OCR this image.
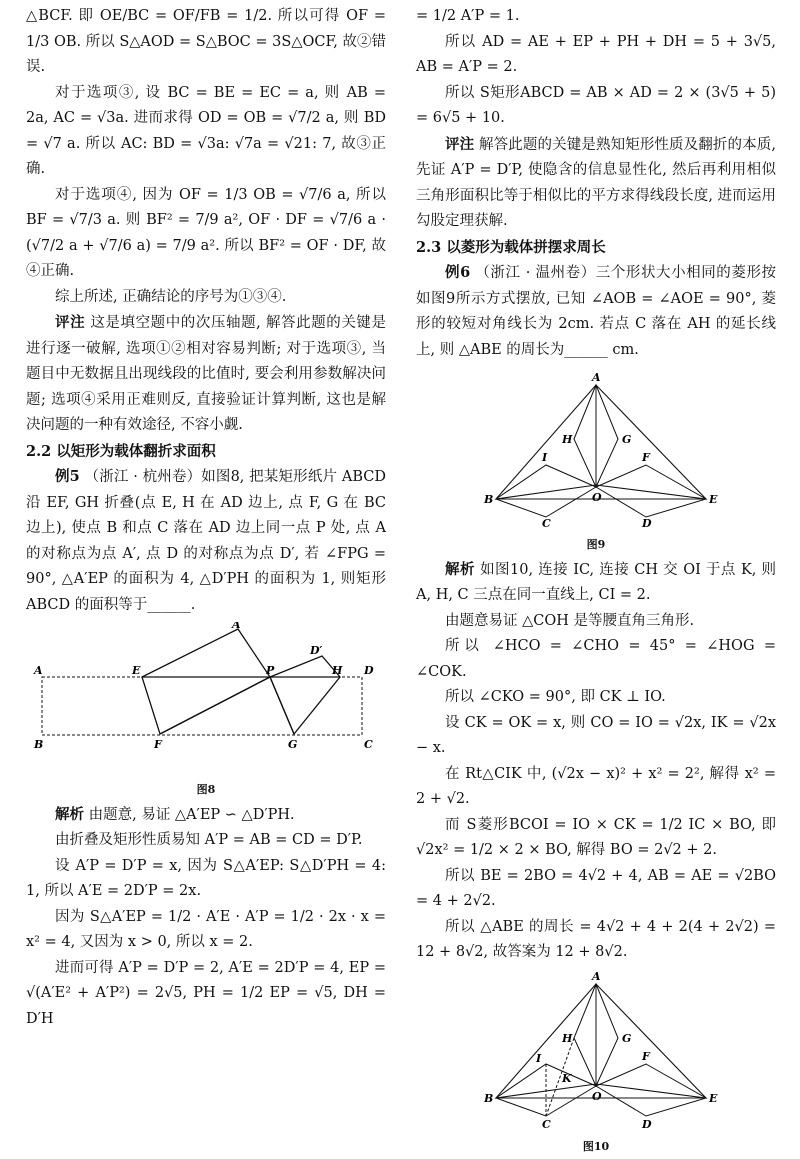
△BCF. 即 OE/BC = OF/FB = 1/2. 所以可得 OF = 1/3 OB. 所以 S△AOD = S△BOC = 3S△OCF, 故②错误.

对于选项③, 设 BC = BE = EC = a, 则 AB = 2a, AC = √3a. 进而求得 OD = OB = √7/2 a, 则 BD = √7 a. 所以 AC: BD = √3a: √7a = √21: 7, 故③正确.

对于选项④, 因为 OF = 1/3 OB = √7/6 a, 所以 BF = √7/3 a. 则 BF² = 7/9 a², OF · DF = √7/6 a · (√7/2 a + √7/6 a) = 7/9 a². 所以 BF² = OF · DF, 故④正确.

综上所述, 正确结论的序号为①③④.

评注 这是填空题中的次压轴题, 解答此题的关键是进行逐一破解, 选项①②相对容易判断; 对于选项③, 当题目中无数据且出现线段的比值时, 要会利用参数解决问题; 选项④采用正难则反, 直接验证计算判断, 这也是解决问题的一种有效途径, 不容小觑.

2.2 以矩形为载体翻折求面积

例5 （浙江 · 杭州卷）如图8, 把某矩形纸片 ABCD 沿 EF, GH 折叠(点 E, H 在 AD 边上, 点 F, G 在 BC 边上), 使点 B 和点 C 落在 AD 边上同一点 P 处, 点 A 的对称点为点 A′, 点 D 的对称点为点 D′, 若 ∠FPG = 90°, △A′EP 的面积为 4, △D′PH 的面积为 1, 则矩形 ABCD 的面积等于______.

A
B	C
D
E
F	G
H
P
A′
D′

图8

解析 由题意, 易证 △A′EP ∽ △D′PH.

由折叠及矩形性质易知 A′P = AB = CD = D′P.

设 A′P = D′P = x, 因为 S△A′EP: S△D′PH = 4: 1, 所以 A′E = 2D′P = 2x.

因为 S△A′EP = 1/2 · A′E · A′P = 1/2 · 2x · x = x² = 4, 又因为 x > 0, 所以 x = 2.

进而可得 A′P = D′P = 2, A′E = 2D′P = 4, EP = √(A′E² + A′P²) = 2√5, PH = 1/2 EP = √5, DH = D′H

= 1/2 A′P = 1.

所以 AD = AE + EP + PH + DH = 5 + 3√5, AB = A′P = 2.

所以 S矩形ABCD = AB × AD = 2 × (3√5 + 5) = 6√5 + 10.

评注 解答此题的关键是熟知矩形性质及翻折的本质, 先证 A′P = D′P, 使隐含的信息显性化, 然后再利用相似三角形面积比等于相似比的平方求得线段长度, 进而运用勾股定理获解.

2.3 以菱形为载体拼摆求周长

例6 （浙江 · 温州卷）三个形状大小相同的菱形按如图9所示方式摆放, 已知 ∠AOB = ∠AOE = 90°, 菱形的较短对角线长为 2cm. 若点 C 落在 AH 的延长线上, 则 △ABE 的周长为______ cm.

A
B
C	D
E
F
G
H
I
O

图9

解析 如图10, 连接 IC, 连接 CH 交 OI 于点 K, 则 A, H, C 三点在同一直线上, CI = 2.

由题意易证 △COH 是等腰直角三角形.

所以 ∠HCO = ∠CHO = 45° = ∠HOG = ∠COK.

所以 ∠CKO = 90°, 即 CK ⊥ IO.

设 CK = OK = x, 则 CO = IO = √2x, IK = √2x − x.

在 Rt△CIK 中, (√2x − x)² + x² = 2², 解得 x² = 2 + √2.

而 S菱形BCOI = IO × CK = 1/2 IC × BO, 即 √2x² = 1/2 × 2 × BO, 解得 BO = 2√2 + 2.

所以 BE = 2BO = 4√2 + 4, AB = AE = √2BO = 4 + 2√2.

所以 △ABE 的周长 = 4√2 + 4 + 2(4 + 2√2) = 12 + 8√2, 故答案为 12 + 8√2.

A
B
C	D
E
F
G
H
I
K
O

图10
